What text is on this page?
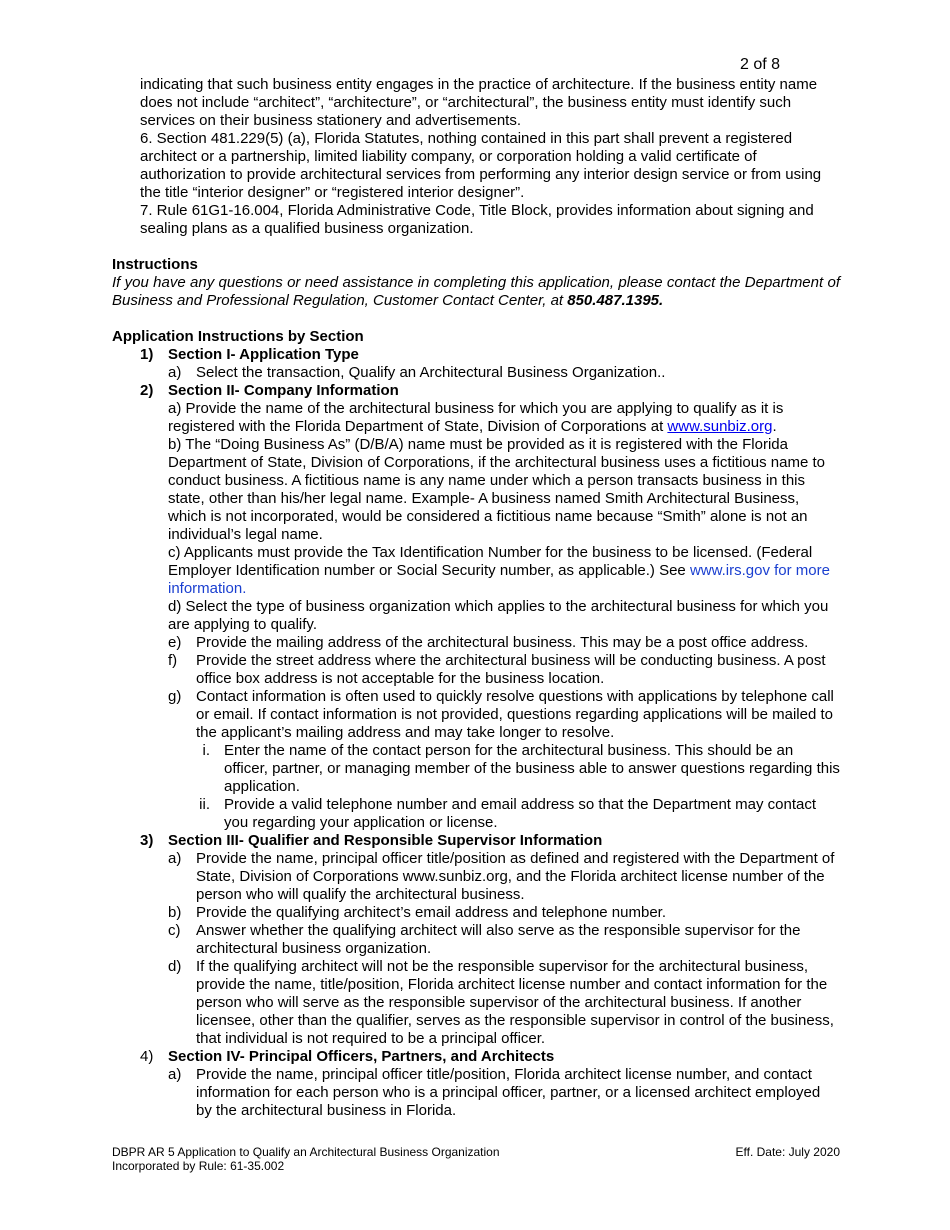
2 of 8

indicating that such business entity engages in the practice of architecture. If the business entity name does not include “architect”, “architecture”, or “architectural”, the business entity must identify such services on their business stationery and advertisements.

6. Section 481.229(5) (a), Florida Statutes, nothing contained in this part shall prevent a registered architect or a partnership, limited liability company, or corporation holding a valid certificate of authorization to provide architectural services from performing any interior design service or from using the title “interior designer” or “registered interior designer”.

7. Rule 61G1-16.004, Florida Administrative Code, Title Block, provides information about signing and sealing plans as a qualified business organization.

Instructions

If you have any questions or need assistance in completing this application, please contact the Department of Business and Professional Regulation, Customer Contact Center, at 850.487.1395.

Application Instructions by Section

1) Section I- Application Type
a) Select the transaction, Qualify an Architectural Business Organization..
2) Section II- Company Information

a) Provide the name of the architectural business for which you are applying to qualify as it is registered with the Florida Department of State, Division of Corporations at www.sunbiz.org.

b) The “Doing Business As” (D/B/A) name must be provided as it is registered with the Florida Department of State, Division of Corporations, if the architectural business uses a fictitious name to conduct business. A fictitious name is any name under which a person transacts business in this state, other than his/her legal name. Example- A business named Smith Architectural Business, which is not incorporated, would be considered a fictitious name because “Smith” alone is not an individual’s legal name.

c) Applicants must provide the Tax Identification Number for the business to be licensed. (Federal Employer Identification number or Social Security number, as applicable.) See www.irs.gov for more information.

d) Select the type of business organization which applies to the architectural business for which you are applying to qualify.

e) Provide the mailing address of the architectural business. This may be a post office address.
f)	Provide the street address where the architectural business will be conducting business. A post office box address is not acceptable for the business location.
g) Contact information is often used to quickly resolve questions with applications by telephone call or email. If contact information is not provided, questions regarding applications will be mailed to the applicant’s mailing address and may take longer to resolve.
i. Enter the name of the contact person for the architectural business. This should be an officer, partner, or managing member of the business able to answer questions regarding this application.
ii. Provide a valid telephone number and email address so that the Department may contact you regarding your application or license.
3) Section III- Qualifier and Responsible Supervisor Information
a) Provide the name, principal officer title/position as defined and registered with the Department of State, Division of Corporations www.sunbiz.org, and the Florida architect license number of the person who will qualify the architectural business.
b) Provide the qualifying architect’s email address and telephone number.
c)	Answer whether the qualifying architect will also serve as the responsible supervisor for the architectural business organization.
d) If the qualifying architect will not be the responsible supervisor for the architectural business, provide the name, title/position, Florida architect license number and contact information for the person who will serve as the responsible supervisor of the architectural business. If another licensee, other than the qualifier, serves as the responsible supervisor in control of the business, that individual is not required to be a principal officer.
4) Section IV- Principal Officers, Partners, and Architects
a) Provide the name, principal officer title/position, Florida architect license number, and contact information for each person who is a principal officer, partner, or a licensed architect employed by the architectural business in Florida.
DBPR AR 5 Application to Qualify an Architectural Business Organization
Incorporated by Rule: 61-35.002
Eff. Date: July 2020
